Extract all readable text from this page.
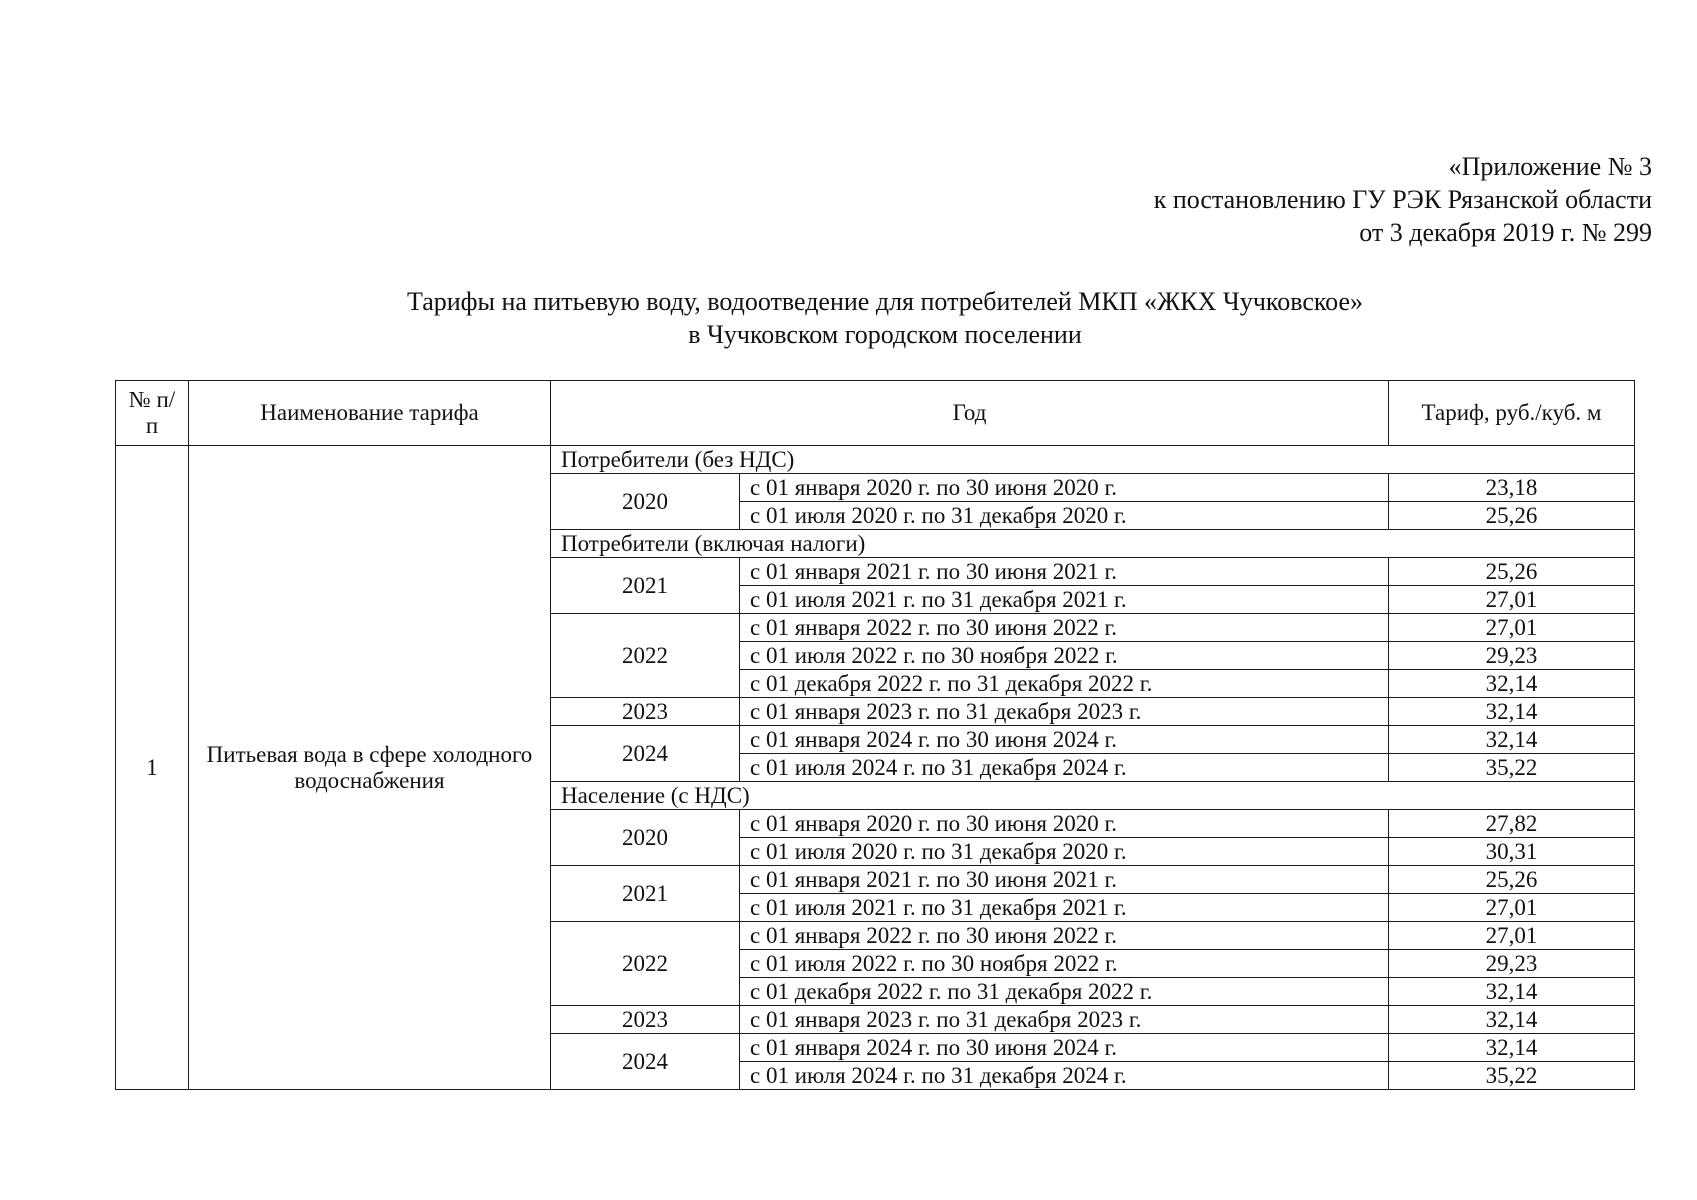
«Приложение № 3
к постановлению ГУ РЭК Рязанской области
от 3 декабря 2019 г. № 299
Тарифы на питьевую воду, водоотведение для потребителей МКП «ЖКХ Чучковское»
в Чучковском городском поселении
№ п/п	Наименование тарифа	Год		Тариф, руб./куб. м
1	Питьевая вода в сфере холодного водоснабжения	Потребители (без НДС)		
		2020	с 01 января 2020 г. по 30 июня 2020 г.	23,18
			с 01 июля 2020 г. по 31 декабря 2020 г.	25,26
		Потребители (включая налоги)		
		2021	с 01 января 2021 г. по 30 июня 2021 г.	25,26
			с 01 июля 2021 г. по 31 декабря 2021 г.	27,01
		2022	с 01 января 2022 г. по 30 июня 2022 г.	27,01
			с 01 июля 2022 г. по 30 ноября 2022 г.	29,23
			с 01 декабря 2022 г. по 31 декабря 2022 г.	32,14
		2023	с 01 января 2023 г. по 31 декабря 2023 г.	32,14
		2024	с 01 января 2024 г. по 30 июня 2024 г.	32,14
			с 01 июля 2024 г. по 31 декабря 2024 г.	35,22
		Население (с НДС)		
		2020	с 01 января 2020 г. по 30 июня 2020 г.	27,82
			с 01 июля 2020 г. по 31 декабря 2020 г.	30,31
		2021	с 01 января 2021 г. по 30 июня 2021 г.	25,26
			с 01 июля 2021 г. по 31 декабря 2021 г.	27,01
		2022	с 01 января 2022 г. по 30 июня 2022 г.	27,01
			с 01 июля 2022 г. по 30 ноября 2022 г.	29,23
			с 01 декабря 2022 г. по 31 декабря 2022 г.	32,14
		2023	с 01 января 2023 г. по 31 декабря 2023 г.	32,14
		2024	с 01 января 2024 г. по 30 июня 2024 г.	32,14
			с 01 июля 2024 г. по 31 декабря 2024 г.	35,22
